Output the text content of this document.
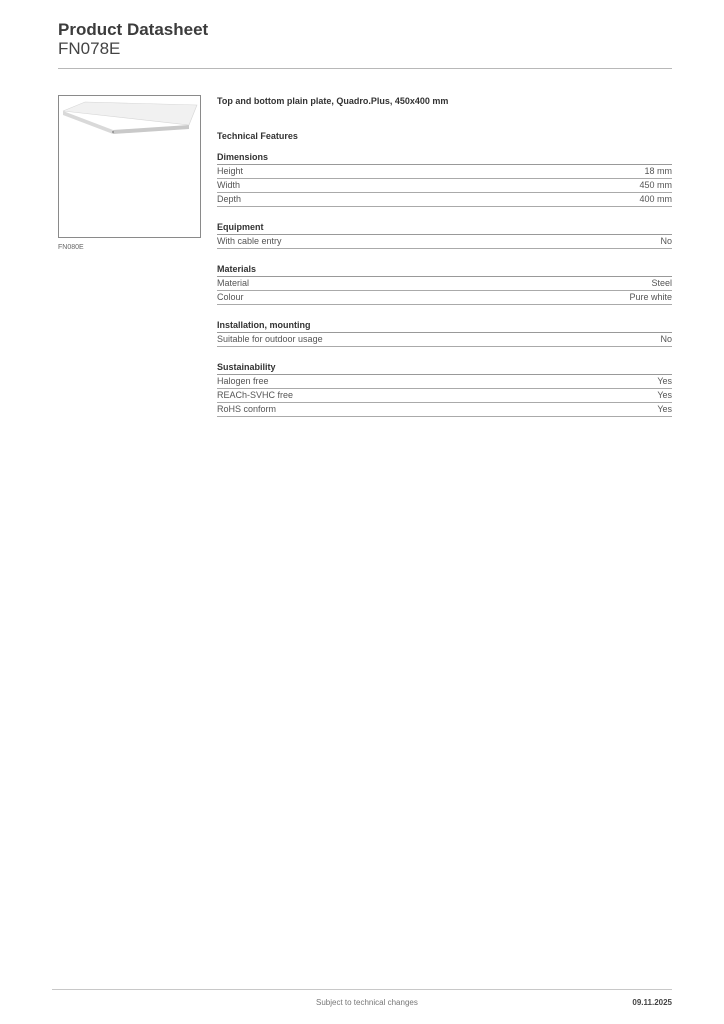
Product Datasheet
FN078E
FN080E
Top and bottom plain plate, Quadro.Plus, 450x400 mm
Technical Features
Dimensions
Height	18 mm
Width	450 mm
Depth	400 mm
Equipment
With cable entry	No
Materials
Material	Steel
Colour	Pure white
Installation, mounting
Suitable for outdoor usage	No
Sustainability
Halogen free	Yes
REACh-SVHC free	Yes
RoHS conform	Yes
Subject to technical changes	09.11.2025
